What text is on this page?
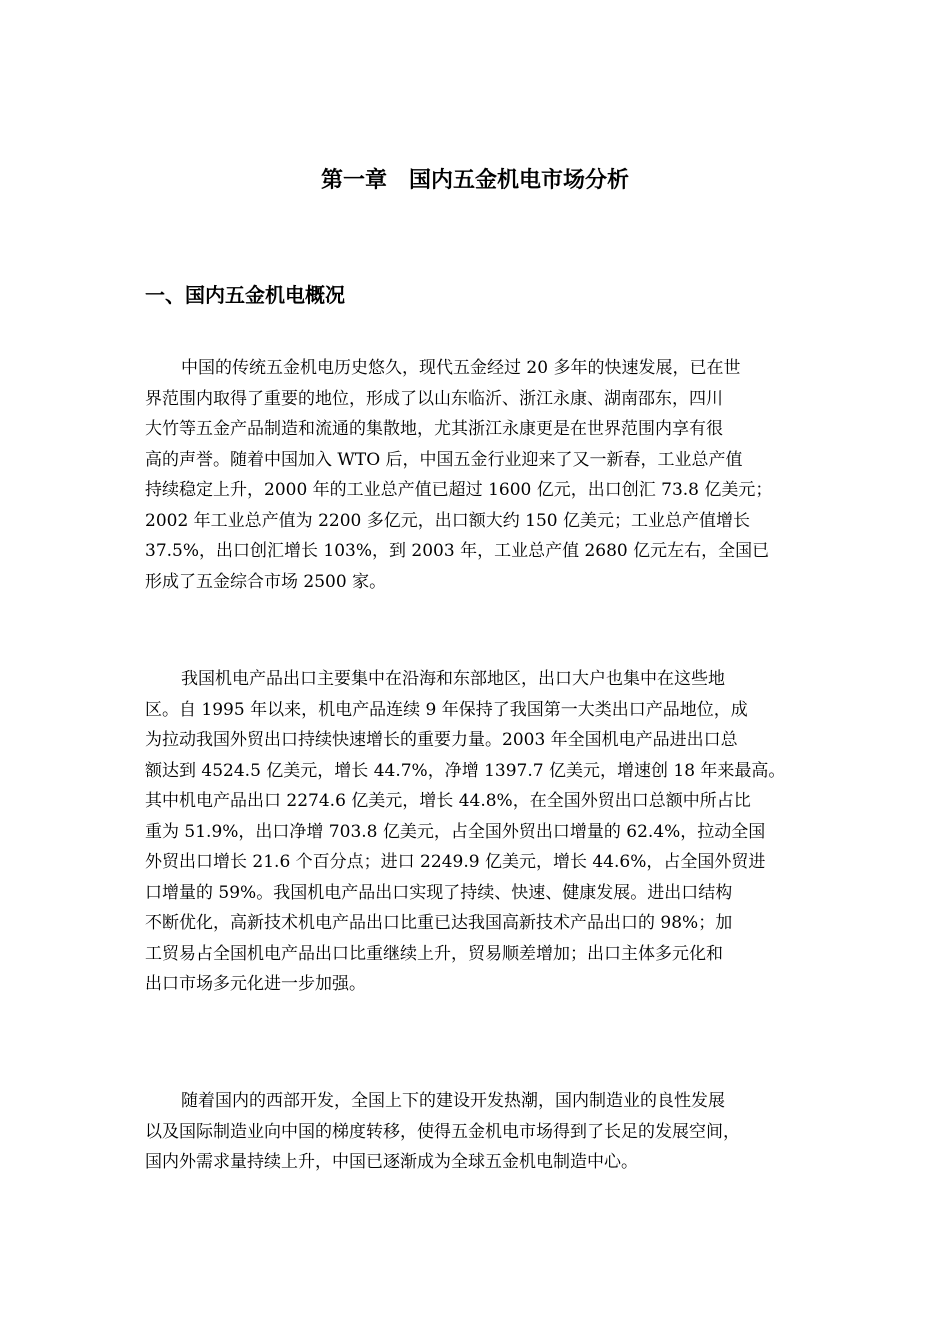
第一章　国内五金机电市场分析
一、国内五金机电概况
中国的传统五金机电历史悠久，现代五金经过 20 多年的快速发展，已在世
界范围内取得了重要的地位，形成了以山东临沂、浙江永康、湖南邵东，四川
大竹等五金产品制造和流通的集散地，尤其浙江永康更是在世界范围内享有很
高的声誉。随着中国加入 WTO 后，中国五金行业迎来了又一新春，工业总产值
持续稳定上升，2000 年的工业总产值已超过 1600 亿元，出口创汇 73.8 亿美元；
2002 年工业总产值为 2200 多亿元，出口额大约 150 亿美元；工业总产值增长
37.5%，出口创汇增长 103%，到 2003 年，工业总产值 2680 亿元左右，全国已
形成了五金综合市场 2500 家。
我国机电产品出口主要集中在沿海和东部地区，出口大户也集中在这些地
区。自 1995 年以来，机电产品连续 9 年保持了我国第一大类出口产品地位，成
为拉动我国外贸出口持续快速增长的重要力量。2003 年全国机电产品进出口总
额达到 4524.5 亿美元，增长 44.7%，净增 1397.7 亿美元，增速创 18 年来最高。
其中机电产品出口 2274.6 亿美元，增长 44.8%，在全国外贸出口总额中所占比
重为 51.9%，出口净增 703.8 亿美元，占全国外贸出口增量的 62.4%，拉动全国
外贸出口增长 21.6 个百分点；进口 2249.9 亿美元，增长 44.6%，占全国外贸进
口增量的 59%。我国机电产品出口实现了持续、快速、健康发展。进出口结构
不断优化，高新技术机电产品出口比重已达我国高新技术产品出口的 98%；加
工贸易占全国机电产品出口比重继续上升，贸易顺差增加；出口主体多元化和
出口市场多元化进一步加强。
随着国内的西部开发，全国上下的建设开发热潮，国内制造业的良性发展
以及国际制造业向中国的梯度转移，使得五金机电市场得到了长足的发展空间，
国内外需求量持续上升，中国已逐渐成为全球五金机电制造中心。
